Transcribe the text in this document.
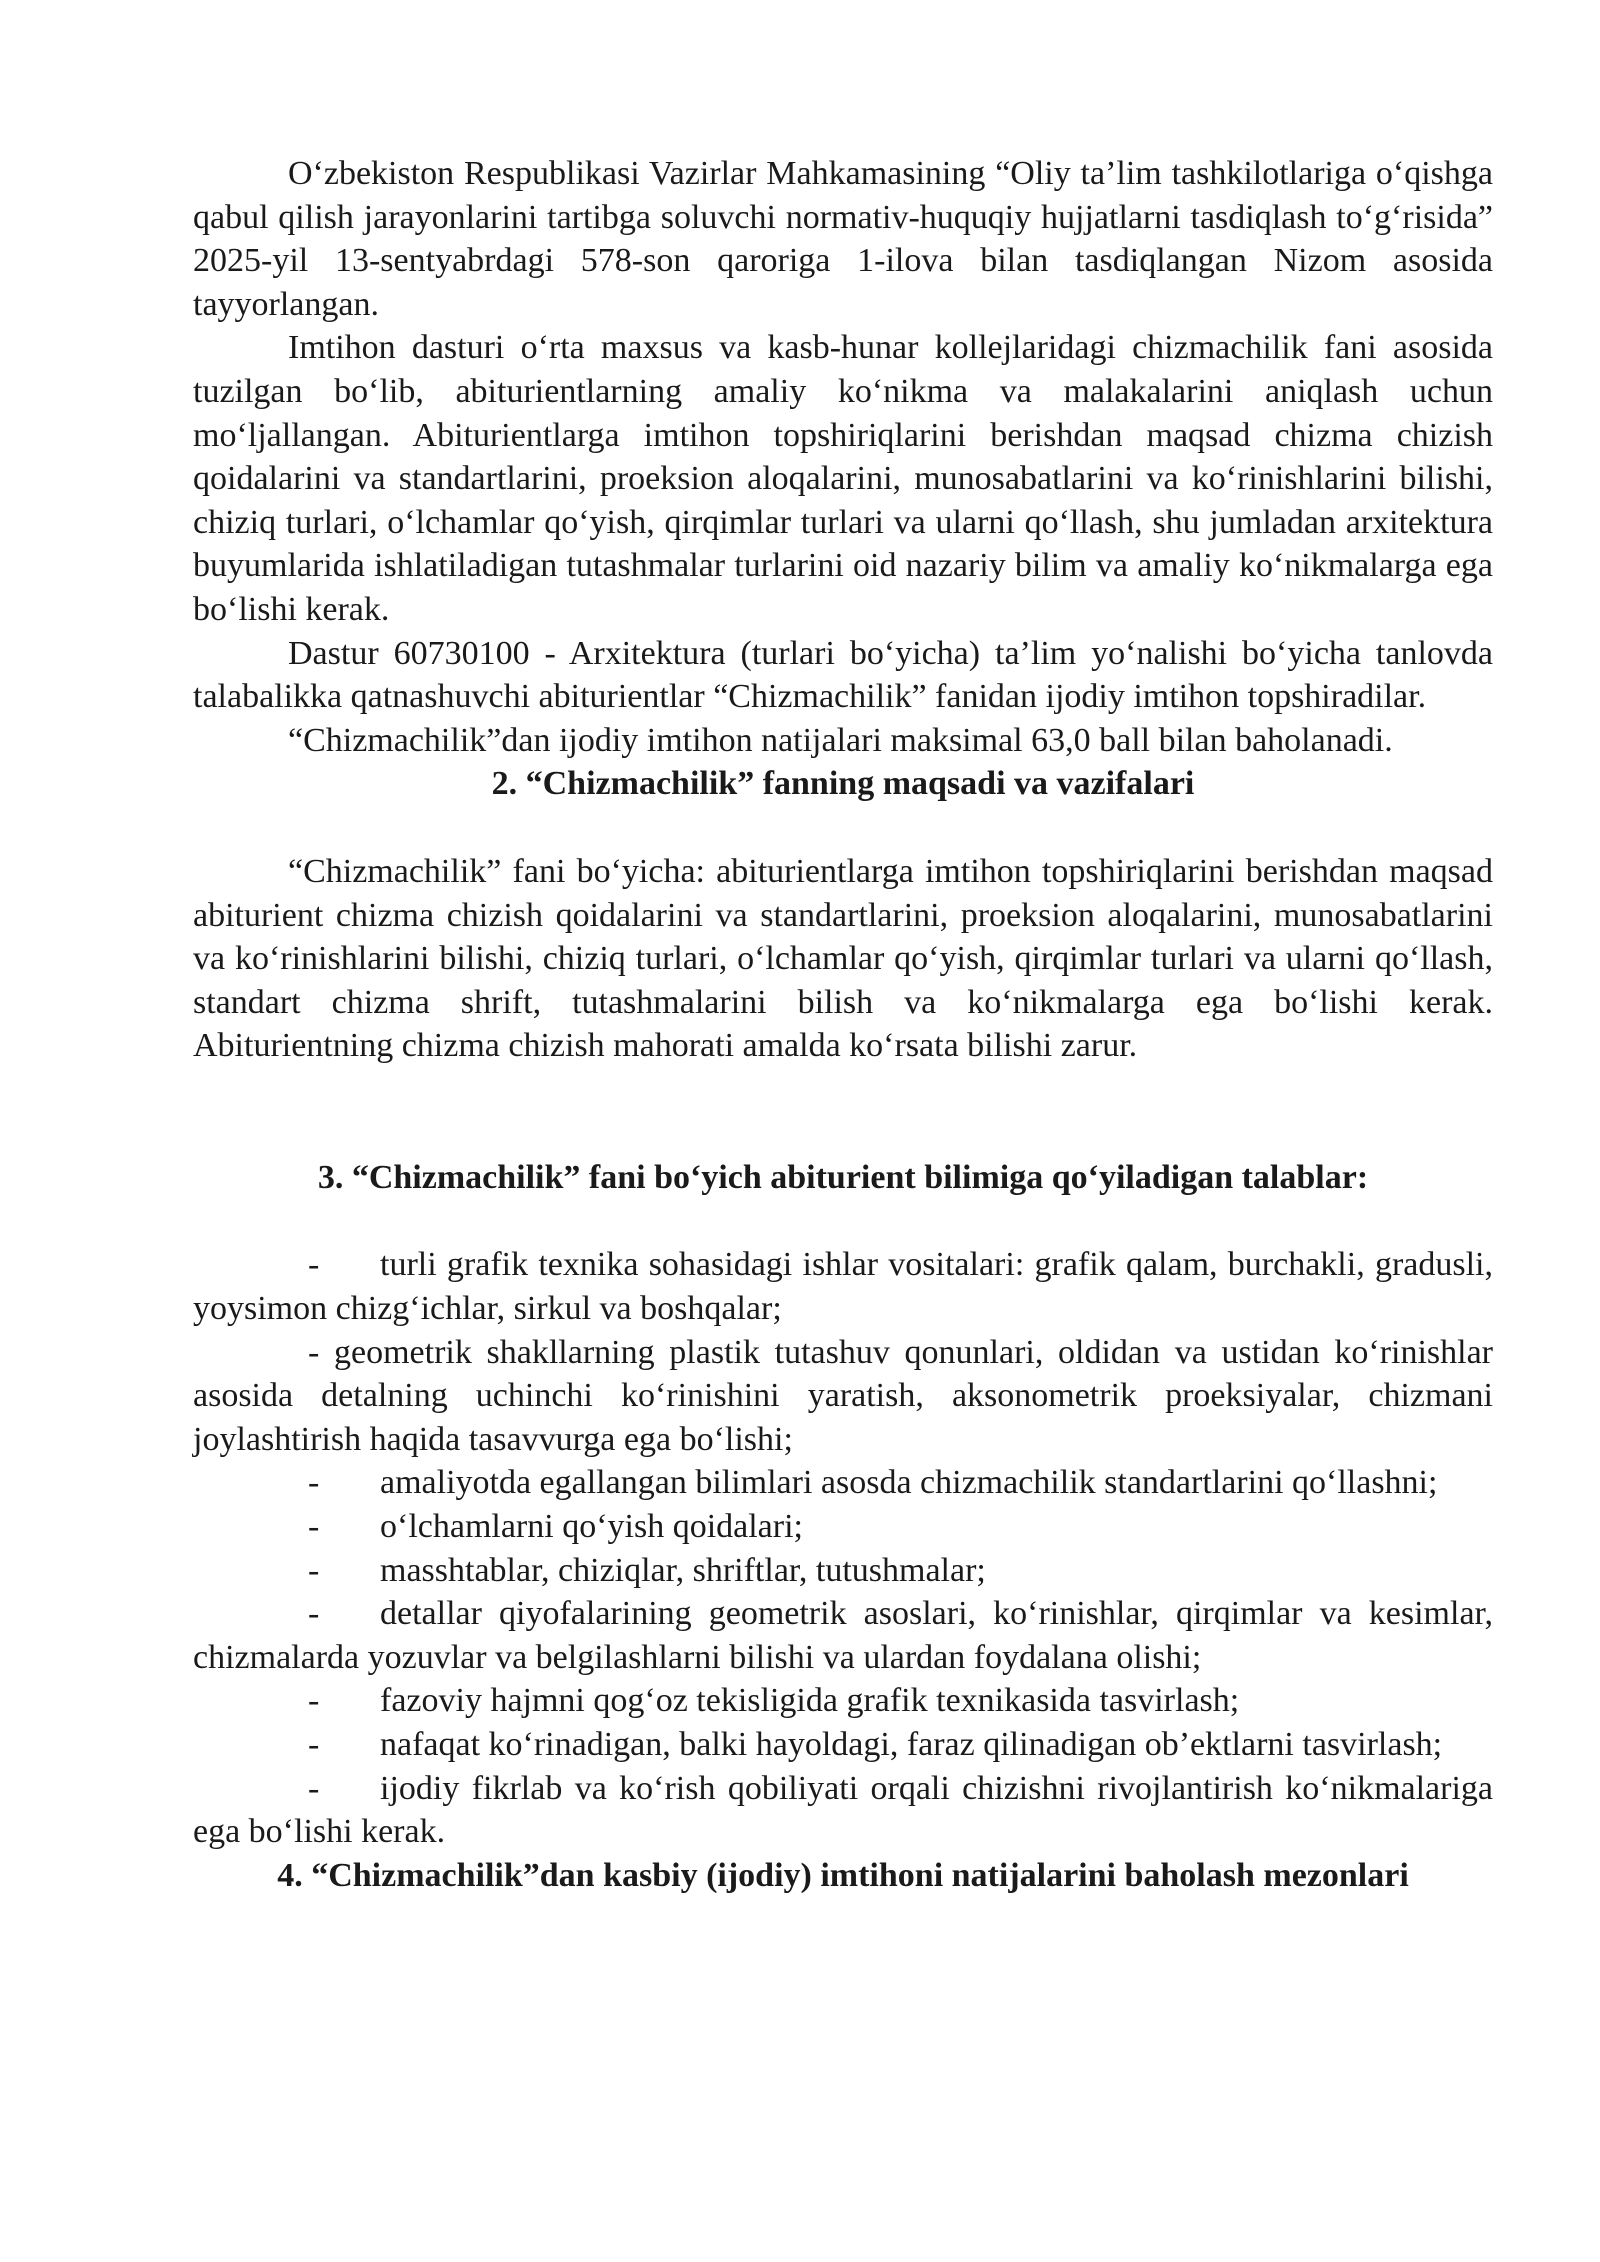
O‘zbekiston Respublikasi Vazirlar Mahkamasining “Oliy ta’lim tashkilotlariga o‘qishga qabul qilish jarayonlarini tartibga soluvchi normativ-huquqiy hujjatlarni tasdiqlash to‘g‘risida” 2025-yil 13-sentyabrdagi 578-son qaroriga 1-ilova bilan tasdiqlangan Nizom asosida tayyorlangan.

Imtihon dasturi o‘rta maxsus va kasb-hunar kollejlaridagi chizmachilik fani asosida tuzilgan bo‘lib, abiturientlarning amaliy ko‘nikma va malakalarini aniqlash uchun mo‘ljallangan. Abiturientlarga imtihon topshiriqlarini berishdan maqsad chizma chizish qoidalarini va standartlarini, proeksion aloqalarini, munosabatlarini va ko‘rinishlarini bilishi, chiziq turlari, o‘lchamlar qo‘yish, qirqimlar turlari va ularni qo‘llash, shu jumladan arxitektura buyumlarida ishlatiladigan tutashmalar turlarini oid nazariy bilim va amaliy ko‘nikmalarga ega bo‘lishi kerak.

Dastur 60730100 - Arxitektura (turlari bo‘yicha) ta’lim yo‘nalishi bo‘yicha tanlovda talabalikka qatnashuvchi abiturientlar “Chizmachilik” fanidan ijodiy imtihon topshiradilar.

“Chizmachilik”dan ijodiy imtihon natijalari maksimal 63,0 ball bilan baholanadi.

2. “Chizmachilik” fanning maqsadi va vazifalari

“Chizmachilik” fani bo‘yicha: abiturientlarga imtihon topshiriqlarini berishdan maqsad abiturient chizma chizish qoidalarini va standartlarini, proeksion aloqalarini, munosabatlarini va ko‘rinishlarini bilishi, chiziq turlari, o‘lchamlar qo‘yish, qirqimlar turlari va ularni qo‘llash, standart chizma shrift, tutashmalarini bilish va ko‘nikmalarga ega bo‘lishi kerak. Abiturientning chizma chizish mahorati amalda ko‘rsata bilishi zarur.

3. “Chizmachilik” fani bo‘yich abiturient bilimiga qo‘yiladigan talablar:

- turli grafik texnika sohasidagi ishlar vositalari: grafik qalam, burchakli, gradusli, yoysimon chizg‘ichlar, sirkul va boshqalar;

- geometrik shakllarning plastik tutashuv qonunlari, oldidan va ustidan ko‘rinishlar asosida detalning uchinchi ko‘rinishini yaratish, aksonometrik proeksiyalar, chizmani joylashtirish haqida tasavvurga ega bo‘lishi;

- amaliyotda egallangan bilimlari asosda chizmachilik standartlarini qo‘llashni;

- o‘lchamlarni qo‘yish qoidalari;

- masshtablar, chiziqlar, shriftlar, tutushmalar;

- detallar qiyofalarining geometrik asoslari, ko‘rinishlar, qirqimlar va kesimlar, chizmalarda yozuvlar va belgilashlarni bilishi va ulardan foydalana olishi;

- fazoviy hajmni qog‘oz tekisligida grafik texnikasida tasvirlash;

- nafaqat ko‘rinadigan, balki hayoldagi, faraz qilinadigan ob’ektlarni tasvirlash;

- ijodiy fikrlab va ko‘rish qobiliyati orqali chizishni rivojlantirish ko‘nikmalariga ega bo‘lishi kerak.

4. “Chizmachilik”dan kasbiy (ijodiy) imtihoni natijalarini baholash mezonlari
